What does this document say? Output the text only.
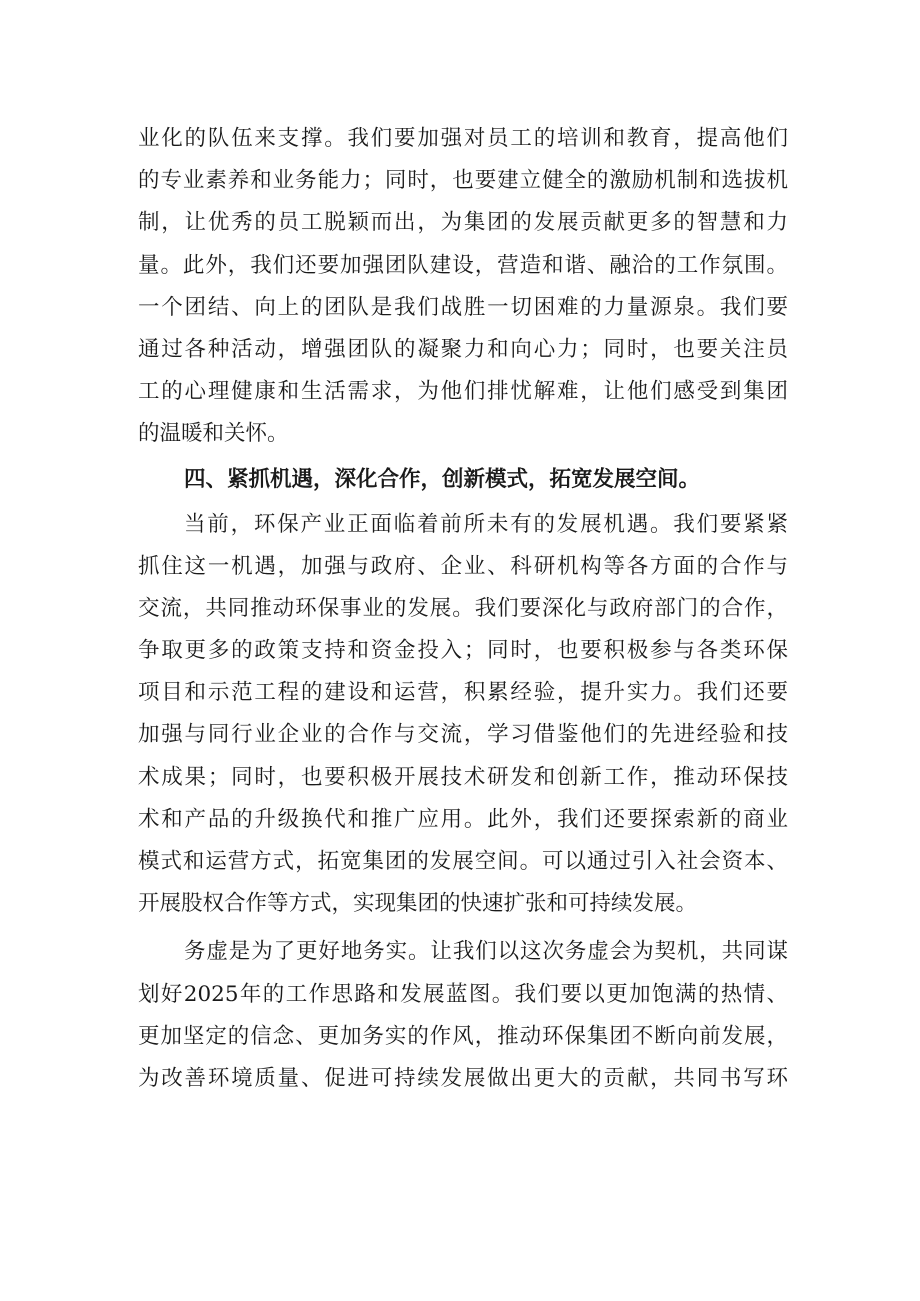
业化的队伍来支撑。我们要加强对员工的培训和教育，提高他们
的专业素养和业务能力；同时，也要建立健全的激励机制和选拔机
制，让优秀的员工脱颖而出，为集团的发展贡献更多的智慧和力
量。此外，我们还要加强团队建设，营造和谐、融洽的工作氛围。
一个团结、向上的团队是我们战胜一切困难的力量源泉。我们要
通过各种活动，增强团队的凝聚力和向心力；同时，也要关注员
工的心理健康和生活需求，为他们排忧解难，让他们感受到集团
的温暖和关怀。
四、紧抓机遇，深化合作，创新模式，拓宽发展空间。
当前，环保产业正面临着前所未有的发展机遇。我们要紧紧
抓住这一机遇，加强与政府、企业、科研机构等各方面的合作与
交流，共同推动环保事业的发展。我们要深化与政府部门的合作，
争取更多的政策支持和资金投入；同时，也要积极参与各类环保
项目和示范工程的建设和运营，积累经验，提升实力。我们还要
加强与同行业企业的合作与交流，学习借鉴他们的先进经验和技
术成果；同时，也要积极开展技术研发和创新工作，推动环保技
术和产品的升级换代和推广应用。此外，我们还要探索新的商业
模式和运营方式，拓宽集团的发展空间。可以通过引入社会资本、
开展股权合作等方式，实现集团的快速扩张和可持续发展。
务虚是为了更好地务实。让我们以这次务虚会为契机，共同谋
划好2025年的工作思路和发展蓝图。我们要以更加饱满的热情、
更加坚定的信念、更加务实的作风，推动环保集团不断向前发展，
为改善环境质量、促进可持续发展做出更大的贡献，共同书写环
